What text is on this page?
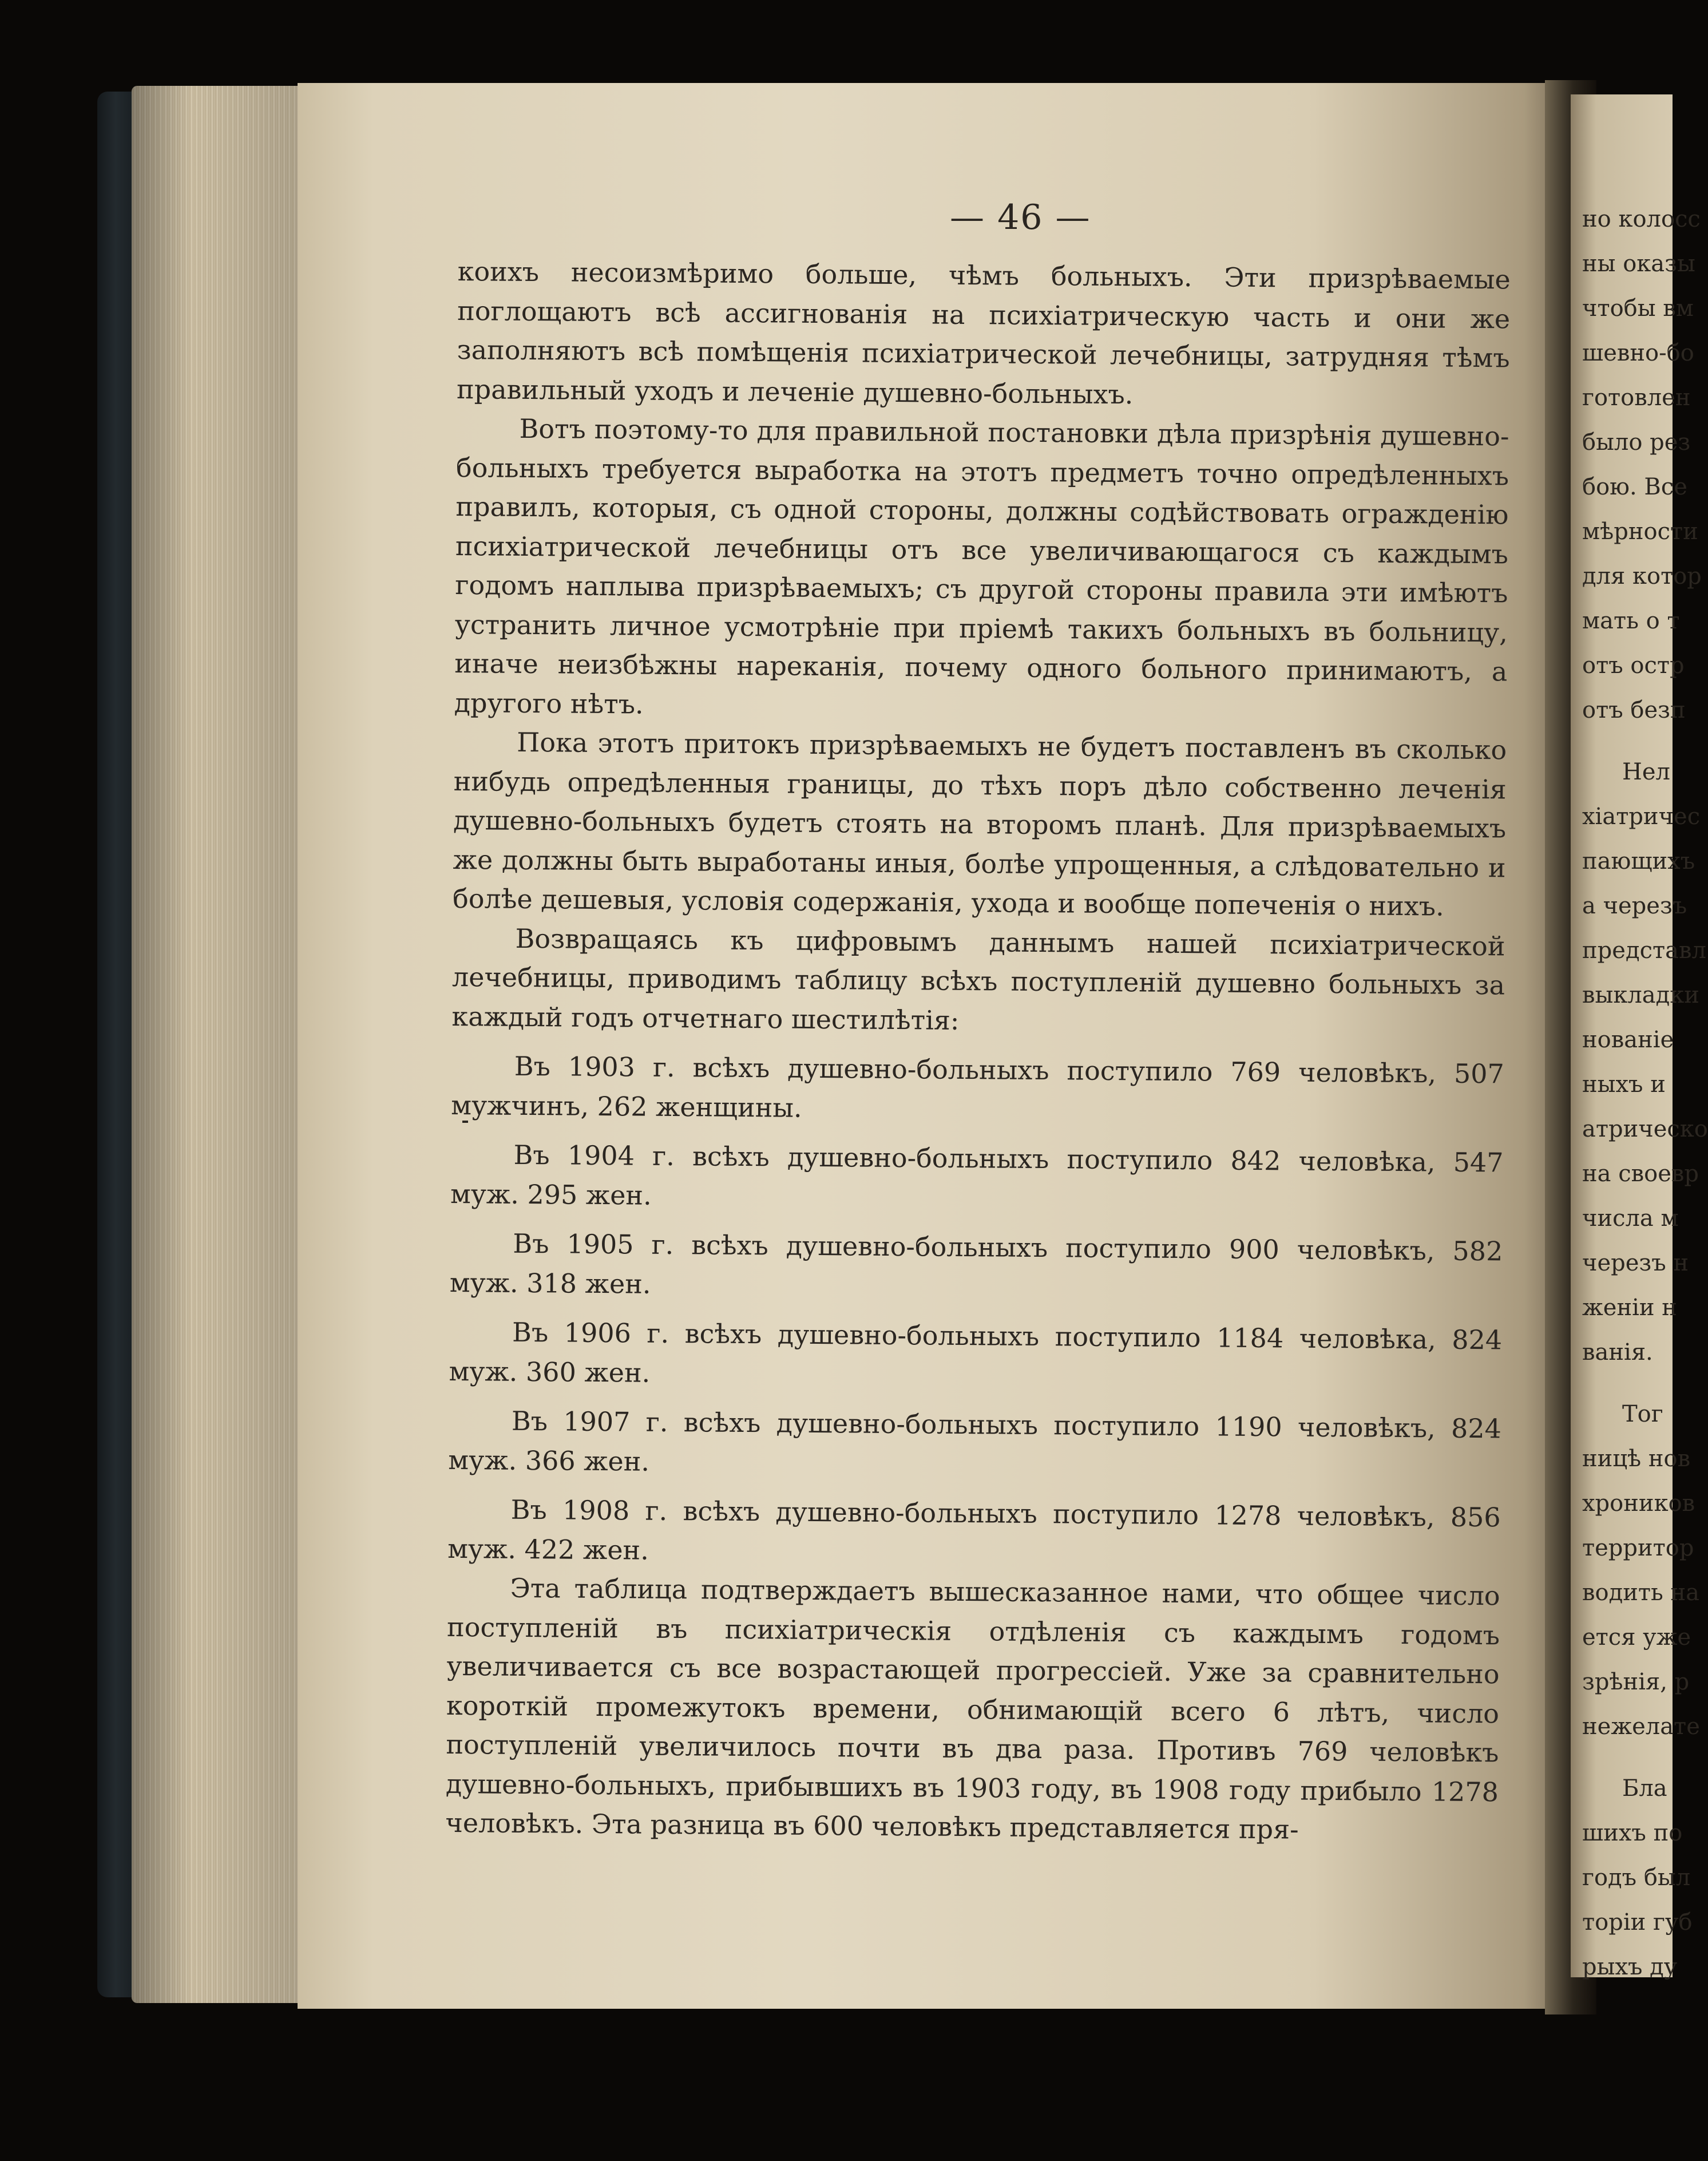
— 46 —

коихъ несоизмѣримо больше, чѣмъ больныхъ. Эти призрѣваемые поглощаютъ всѣ ассигнованія на психіатрическую часть и они же заполняютъ всѣ помѣщенія психіатрической лечебницы, затрудняя тѣмъ правильный уходъ и леченіе душевно-больныхъ.

Вотъ поэтому-то для правильной постановки дѣла призрѣнія душевно-больныхъ требуется выработка на этотъ предметъ точно опредѣленныхъ правилъ, которыя, съ одной стороны, должны содѣйствовать огражденію психіатрической лечебницы отъ все увеличивающагося съ каждымъ годомъ наплыва призрѣваемыхъ; съ другой стороны правила эти имѣютъ устранить личное усмотрѣніе при пріемѣ такихъ больныхъ въ больницу, иначе неизбѣжны нареканія, почему одного больного принимаютъ, а другого нѣтъ.

Пока этотъ притокъ призрѣваемыхъ не будетъ поставленъ въ сколько нибудь опредѣленныя границы, до тѣхъ поръ дѣло собственно леченія душевно-больныхъ будетъ стоять на второмъ планѣ. Для призрѣваемыхъ же должны быть выработаны иныя, болѣе упрощенныя, а слѣдовательно и болѣе дешевыя, условія содержанія, ухода и вообще попеченія о нихъ.

Возвращаясь къ цифровымъ даннымъ нашей психіатрической лечебницы, приводимъ таблицу всѣхъ поступленій душевно больныхъ за каждый годъ отчетнаго шестилѣтія:

Въ 1903 г. всѣхъ душевно-больныхъ поступило 769 человѣкъ, 507 мужчинъ, 262 женщины.

Въ 1904 г. всѣхъ душевно-больныхъ поступило 842 человѣка, 547 муж. 295 жен.

Въ 1905 г. всѣхъ душевно-больныхъ поступило 900 человѣкъ, 582 муж. 318 жен.

Въ 1906 г. всѣхъ душевно-больныхъ поступило 1184 человѣка, 824 муж. 360 жен.

Въ 1907 г. всѣхъ душевно-больныхъ поступило 1190 человѣкъ, 824 муж. 366 жен.

Въ 1908 г. всѣхъ душевно-больныхъ поступило 1278 человѣкъ, 856 муж. 422 жен.

Эта таблица подтверждаетъ вышесказанное нами, что общее число поступленій въ психіатрическія отдѣленія съ каждымъ годомъ увеличивается съ все возрастающей прогрессіей. Уже за сравнительно короткій промежутокъ времени, обнимающій всего 6 лѣтъ, число поступленій увеличилось почти въ два раза. Противъ 769 человѣкъ душевно-больныхъ, прибывшихъ въ 1903 году, въ 1908 году прибыло 1278 человѣкъ. Эта разница въ 600 человѣкъ представляется пря-

но колосс
ны оказы
чтобы вм
шевно-бо
готовлен
было рез
бою. Все
мѣрности
для котор
мать о т
отъ остр
отъ безп
Нел
хіатричес
пающихъ
а черезъ
представл
выкладки
нованіе
ныхъ и
атрическо
на своевр
числа м
черезъ н
женіи н
ванія.
Тог
ницѣ нов
хроников
территор
водить на
ется уже
зрѣнія, р
нежелате
Бла
шихъ по
годъ был
торіи губ
рыхъ ду
